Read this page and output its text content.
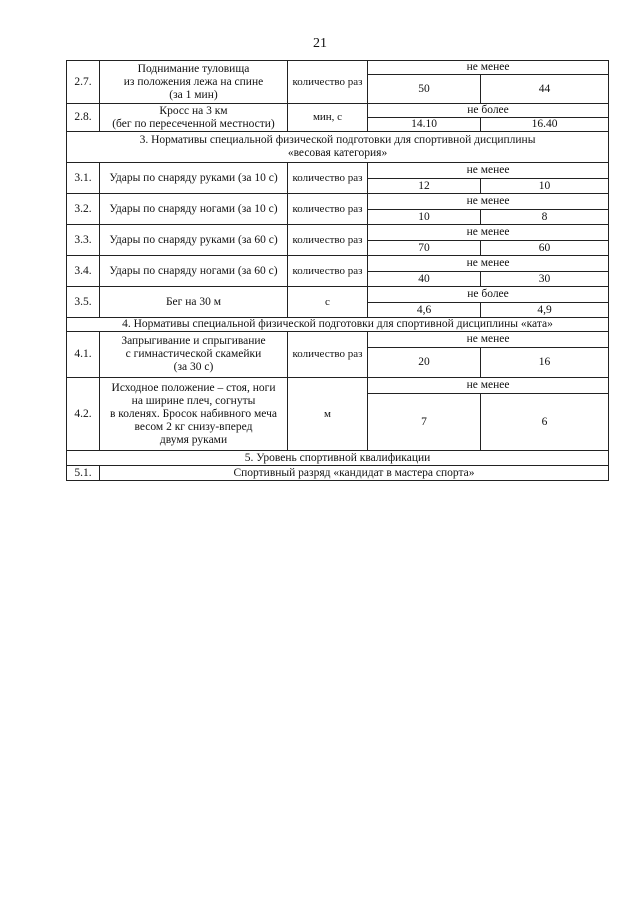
21
2.7.	Поднимание туловища
из положения лежа на спине
(за 1 мин)	количество раз	не менее	
			50	44
2.8.	Кросс на 3 км
(бег по пересеченной местности)	мин, с	не более	
			14.10	16.40
3. Нормативы специальной физической подготовки для спортивной дисциплины «весовая категория»				
3.1.	Удары по снаряду руками (за 10 с)	количество раз	не менее	
			12	10
3.2.	Удары по снаряду ногами (за 10 с)	количество раз	не менее	
			10	8
3.3.	Удары по снаряду руками (за 60 с)	количество раз	не менее	
			70	60
3.4.	Удары по снаряду ногами (за 60 с)	количество раз	не менее	
			40	30
3.5.	Бег на 30 м	с	не более	
			4,6	4,9
4. Нормативы специальной физической подготовки для спортивной дисциплины «ката»				
4.1.	Запрыгивание и спрыгивание
с гимнастической скамейки
(за 30 с)	количество раз	не менее	
			20	16
4.2.	Исходное положение – стоя, ноги
на ширине плеч, согнуты
в коленях. Бросок набивного меча
весом 2 кг снизу-вперед
двумя руками	м	не менее	
			7	6
5. Уровень спортивной квалификации				
5.1.	Спортивный разряд «кандидат в мастера спорта»			
